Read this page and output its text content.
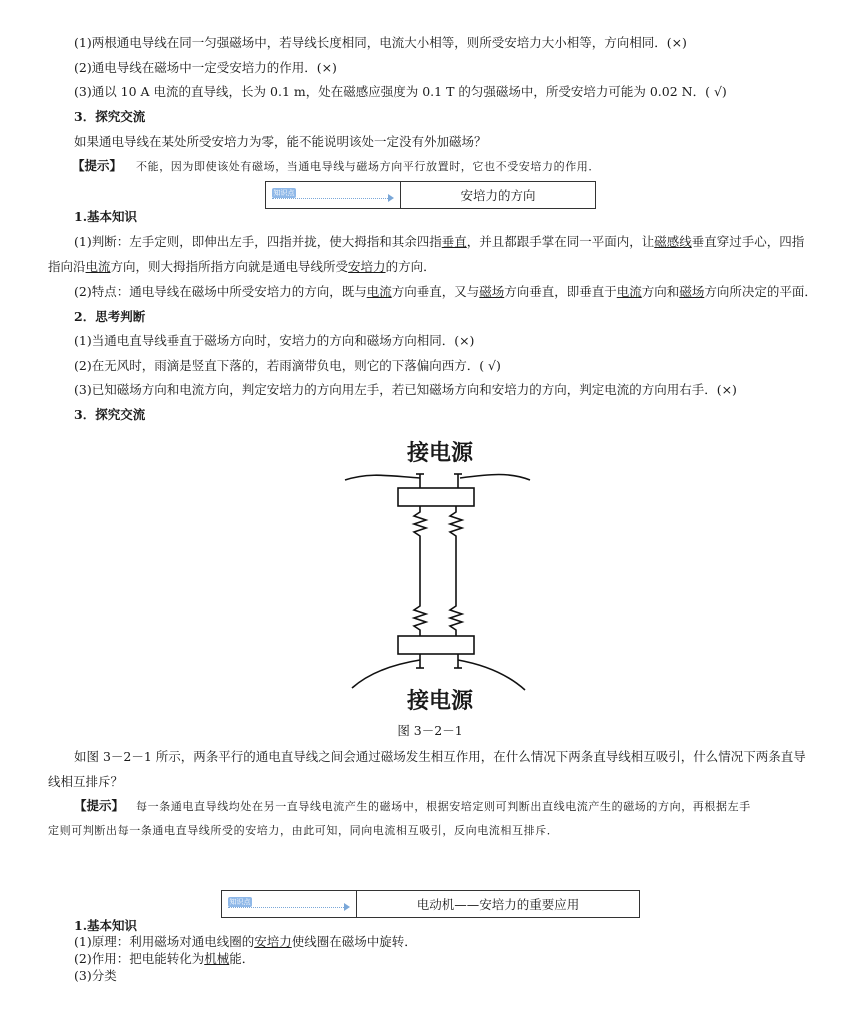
(1)两根通电导线在同一匀强磁场中，若导线长度相同，电流大小相等，则所受安培力大小相等，方向相同．(×)
(2)通电导线在磁场中一定受安培力的作用．(×)
(3)通以 10 A 电流的直导线，长为 0.1 m，处在磁感应强度为 0.1 T 的匀强磁场中，所受安培力可能为 0.02 N．( √)
3．探究交流
如果通电导线在某处所受安培力为零，能不能说明该处一定没有外加磁场？
【提示】 不能，因为即使该处有磁场，当通电导线与磁场方向平行放置时，它也不受安培力的作用．
知识点	安培力的方向
1.基本知识
(1)判断：左手定则，即伸出左手，四指并拢，使大拇指和其余四指垂直，并且都跟手掌在同一平面内，让磁感线垂直穿过手心，四指
指向沿电流方向，则大拇指所指方向就是通电导线所受安培力的方向．
(2)特点：通电导线在磁场中所受安培力的方向，既与电流方向垂直，又与磁场方向垂直，即垂直于电流方向和磁场方向所决定的平面．
2．思考判断
(1)当通电直导线垂直于磁场方向时，安培力的方向和磁场方向相同．(×)
(2)在无风时，雨滴是竖直下落的，若雨滴带负电，则它的下落偏向西方．( √)
(3)已知磁场方向和电流方向，判定安培力的方向用左手，若已知磁场方向和安培力的方向，判定电流的方向用右手．(×)
3．探究交流
接电源
接电源
图 3－2－1
如图 3－2－1 所示，两条平行的通电直导线之间会通过磁场发生相互作用，在什么情况下两条直导线相互吸引，什么情况下两条直导
线相互排斥？
【提示】 每一条通电直导线均处在另一直导线电流产生的磁场中，根据安培定则可判断出直线电流产生的磁场的方向，再根据左手
定则可判断出每一条通电直导线所受的安培力，由此可知，同向电流相互吸引，反向电流相互排斥．
知识点	电动机——安培力的重要应用
1.基本知识
(1)原理：利用磁场对通电线圈的安培力使线圈在磁场中旋转．
(2)作用：把电能转化为机械能．
(3)分类
